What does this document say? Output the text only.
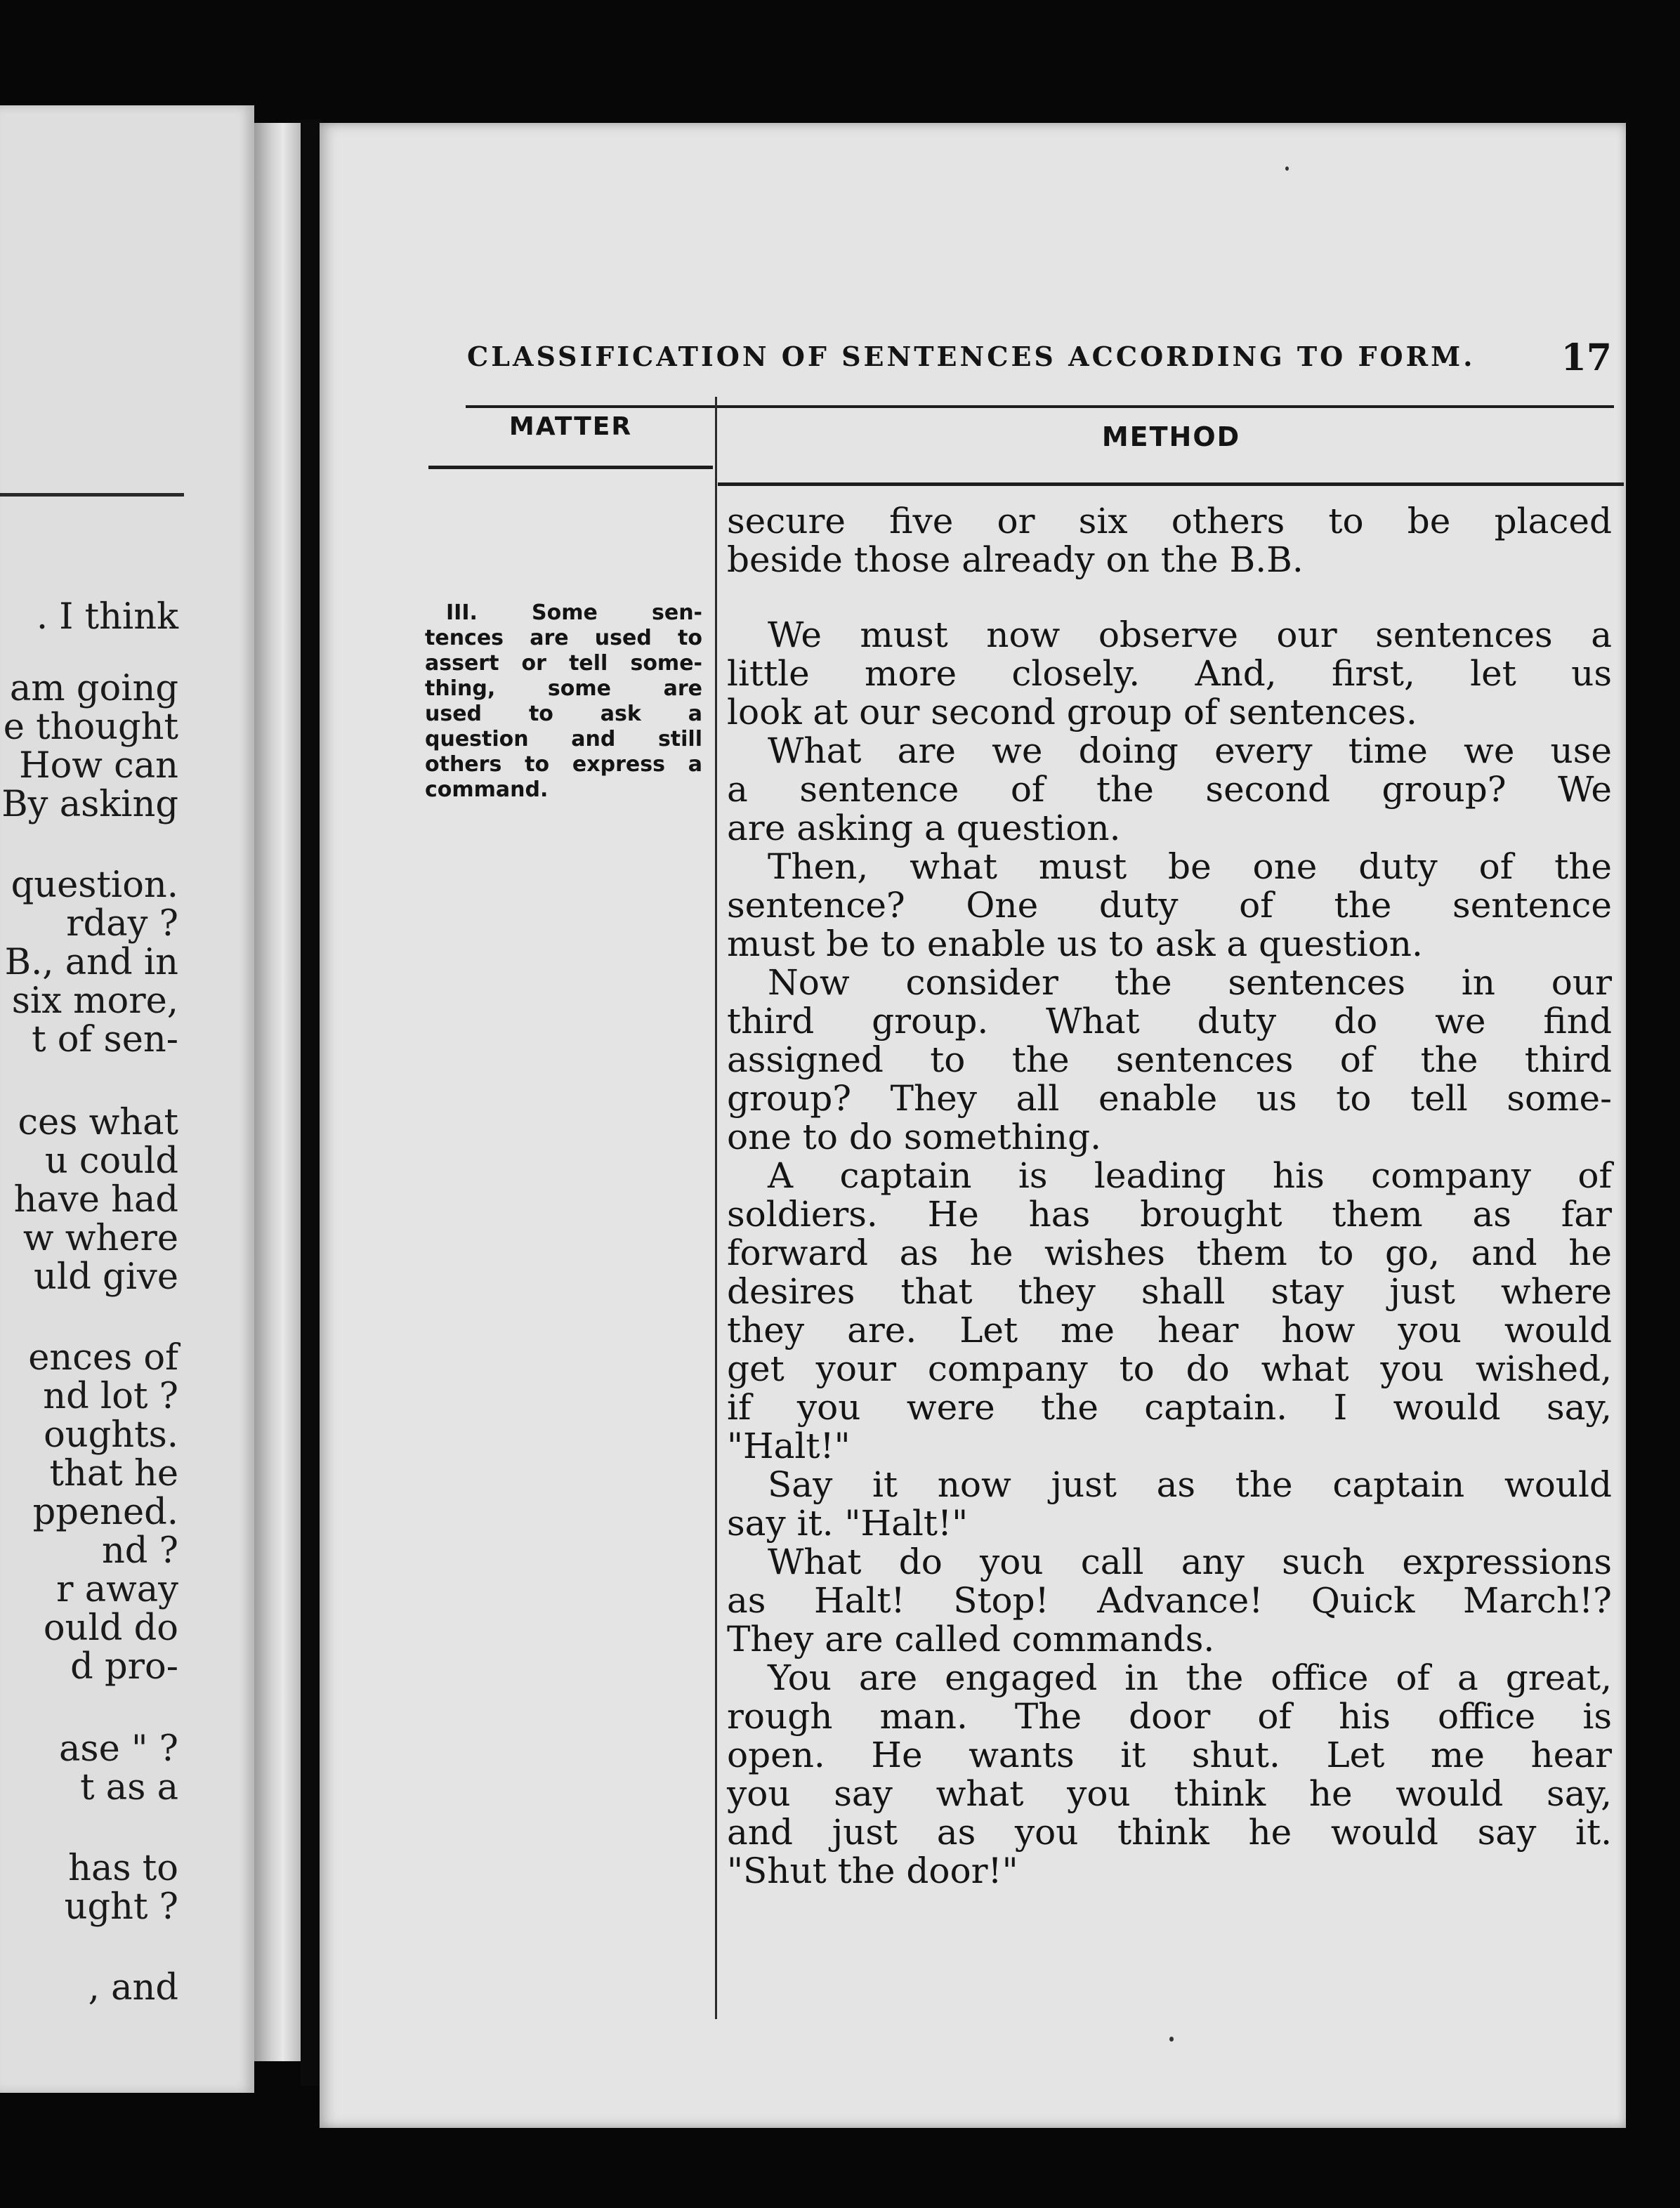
. I think
am going
e thought
How can
By asking
question.
rday ?
B., and in
six more,
t of sen-
ces what
u could
have had
w where
uld give
ences of
nd lot ?
oughts.
that he
ppened.
nd ?
r away
ould do
d pro-
ase " ?
t as a
has to
ught ?
, and
CLASSIFICATION OF SENTENCES ACCORDING TO FORM. 17
MATTER	METHOD
III. Some sen-
tences are used to
assert or tell some-
thing, some are
used to ask a
question and still
others to express a
command.
secure five or six others to be placed
beside those already on the B.B.
We must now observe our sentences a
little more closely. And, first, let us
look at our second group of sentences.
What are we doing every time we use
a sentence of the second group? We
are asking a question.
Then, what must be one duty of the
sentence? One duty of the sentence
must be to enable us to ask a question.
Now consider the sentences in our
third group. What duty do we find
assigned to the sentences of the third
group? They all enable us to tell some-
one to do something.
A captain is leading his company of
soldiers. He has brought them as far
forward as he wishes them to go, and he
desires that they shall stay just where
they are. Let me hear how you would
get your company to do what you wished,
if you were the captain. I would say,
"Halt!"
Say it now just as the captain would
say it. "Halt!"
What do you call any such expressions
as Halt! Stop! Advance! Quick March!?
They are called commands.
You are engaged in the office of a great,
rough man. The door of his office is
open. He wants it shut. Let me hear
you say what you think he would say,
and just as you think he would say it.
"Shut the door!"
